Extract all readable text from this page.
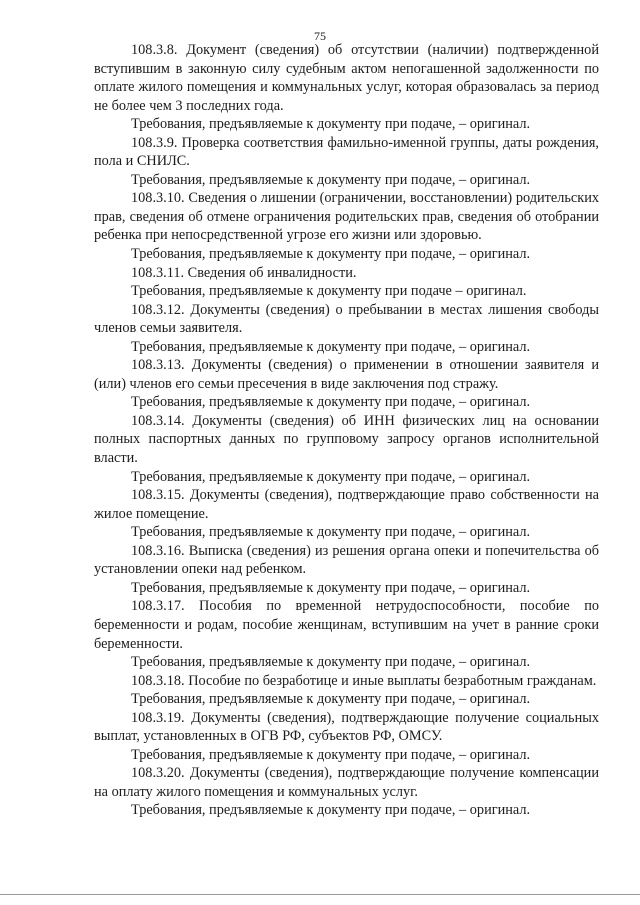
75

108.3.8. Документ (сведения) об отсутствии (наличии) подтвержденной вступившим в законную силу судебным актом непогашенной задолженности по оплате жилого помещения и коммунальных услуг, которая образовалась за период не более чем 3 последних года.

Требования, предъявляемые к документу при подаче, – оригинал.

108.3.9. Проверка соответствия фамильно-именной группы, даты рождения, пола и СНИЛС.

Требования, предъявляемые к документу при подаче, – оригинал.

108.3.10. Сведения о лишении (ограничении, восстановлении) родительских прав, сведения об отмене ограничения родительских прав, сведения об отобрании ребенка при непосредственной угрозе его жизни или здоровью.

Требования, предъявляемые к документу при подаче, – оригинал.

108.3.11. Сведения об инвалидности.

Требования, предъявляемые к документу при подаче – оригинал.

108.3.12. Документы (сведения) о пребывании в местах лишения свободы членов семьи заявителя.

Требования, предъявляемые к документу при подаче, – оригинал.

108.3.13. Документы (сведения) о применении в отношении заявителя и (или) членов его семьи пресечения в виде заключения под стражу.

Требования, предъявляемые к документу при подаче, – оригинал.

108.3.14. Документы (сведения) об ИНН физических лиц на основании полных паспортных данных по групповому запросу органов исполнительной власти.

Требования, предъявляемые к документу при подаче, – оригинал.

108.3.15. Документы (сведения), подтверждающие право собственности на жилое помещение.

Требования, предъявляемые к документу при подаче, – оригинал.

108.3.16. Выписка (сведения) из решения органа опеки и попечительства об установлении опеки над ребенком.

Требования, предъявляемые к документу при подаче, – оригинал.

108.3.17. Пособия по временной нетрудоспособности, пособие по беременности и родам, пособие женщинам, вступившим на учет в ранние сроки беременности.

Требования, предъявляемые к документу при подаче, – оригинал.

108.3.18. Пособие по безработице и иные выплаты безработным гражданам.

Требования, предъявляемые к документу при подаче, – оригинал.

108.3.19. Документы (сведения), подтверждающие получение социальных выплат, установленных в ОГВ РФ, субъектов РФ, ОМСУ.

Требования, предъявляемые к документу при подаче, – оригинал.

108.3.20. Документы (сведения), подтверждающие получение компенсации на оплату жилого помещения и коммунальных услуг.

Требования, предъявляемые к документу при подаче, – оригинал.
